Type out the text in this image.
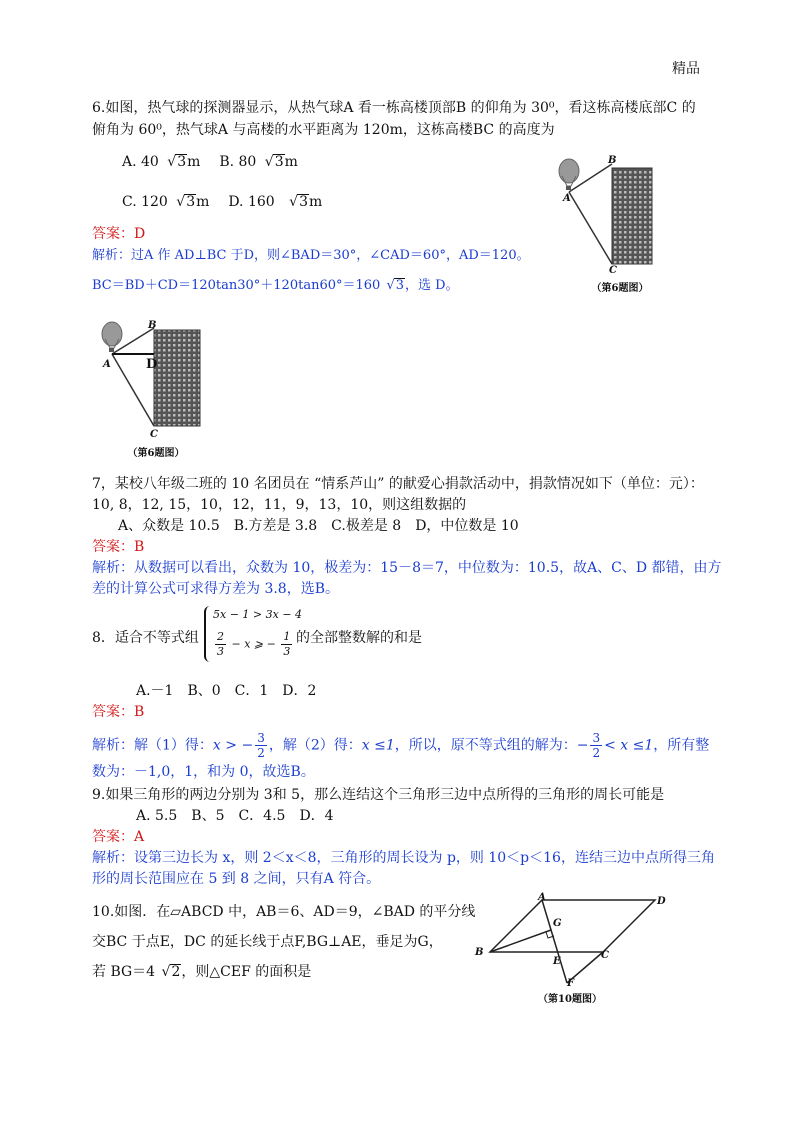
精品
6.如图，热气球的探测器显示，从热气球A 看一栋高楼顶部B 的仰角为 30⁰，看这栋高楼底部C 的
俯角为 60⁰，热气球A 与高楼的水平距离为 120m，这栋高楼BC 的高度为
A. 40 √ 3m B. 80 √ 3m
C. 120 √ 3m D. 160 √ 3m
答案：D
解析：过A 作 AD⊥BC 于D，则∠BAD＝30°，∠CAD＝60°，AD＝120。
BC＝BD＋CD＝120tan30°＋120tan60°＝160 √ 3，选 D。
B
A
C
（第6题图）
B
A	D
C
（第6题图）
7，某校八年级二班的 10 名团员在 “情系芦山” 的献爱心捐款活动中，捐款情况如下（单位：元）：
10, 8，12, 15，10，12，11，9，13，10，则这组数据的
A、众数是 10.5　B.方差是 3.8　C.极差是 8　D，中位数是 10
答案：B
解析：从数据可以看出，众数为 10，极差为：15－8＝7，中位数为：10.5，故A、C、D 都错，由方
差的计算公式可求得方差为 3.8，选B。
8．适合不等式组
5x − 1 > 3x − 4
$\frac{2}{3} - x$ ⩾ − $\frac{1}{3}$ 的全部整数解的和是
A.－1　B、0　C．1　D．2
答案：B
解析：解（1）得：x > − $\frac{3}{2}$ ，解（2）得：x ≤1，所以，原不等式组的解为：− $\frac{3}{2} < x \le 1$，所有整
数为：－1,0，1，和为 0，故选B。
9.如果三角形的两边分别为 3和 5，那么连结这个三角形三边中点所得的三角形的周长可能是
A. 5.5　B、5　C．4.5　D．4
答案：A
解析：设第三边长为 x，则 2＜x＜8，三角形的周长设为 p，则 10＜p＜16，连结三边中点所得三角
形的周长范围应在 5 到 8 之间，只有A 符合。
10.如图．在▱ABCD 中，AB＝6、AD＝9，∠BAD 的平分线
交BC 于点E，DC 的延长线于点F,BG⊥AE，垂足为G，
若 BG＝4 √ 2，则△CEF 的面积是
A	D
G
B
E
C
F
（第10题图）
